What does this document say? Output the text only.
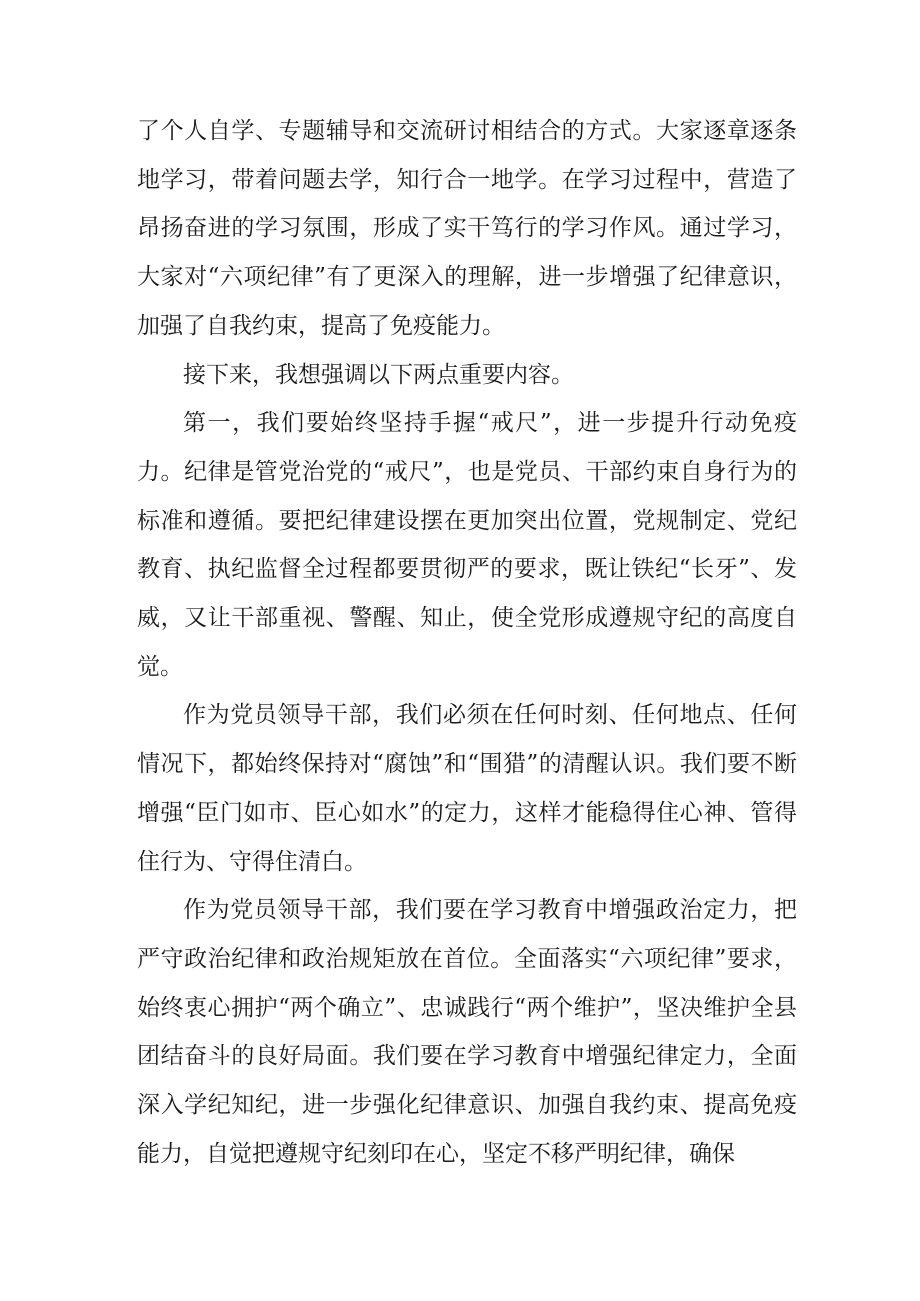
了个人自学、专题辅导和交流研讨相结合的方式。大家逐章逐条地学习，带着问题去学，知行合一地学。在学习过程中，营造了昂扬奋进的学习氛围，形成了实干笃行的学习作风。通过学习，大家对“六项纪律”有了更深入的理解，进一步增强了纪律意识，加强了自我约束，提高了免疫能力。

接下来，我想强调以下两点重要内容。

第一，我们要始终坚持手握“戒尺”，进一步提升行动免疫力。纪律是管党治党的“戒尺”，也是党员、干部约束自身行为的标准和遵循。要把纪律建设摆在更加突出位置，党规制定、党纪教育、执纪监督全过程都要贯彻严的要求，既让铁纪“长牙”、发威，又让干部重视、警醒、知止，使全党形成遵规守纪的高度自觉。

作为党员领导干部，我们必须在任何时刻、任何地点、任何情况下，都始终保持对“腐蚀”和“围猎”的清醒认识。我们要不断增强“臣门如市、臣心如水”的定力，这样才能稳得住心神、管得住行为、守得住清白。

作为党员领导干部，我们要在学习教育中增强政治定力，把严守政治纪律和政治规矩放在首位。全面落实“六项纪律”要求，始终衷心拥护“两个确立”、忠诚践行“两个维护”，坚决维护全县团结奋斗的良好局面。我们要在学习教育中增强纪律定力，全面深入学纪知纪，进一步强化纪律意识、加强自我约束、提高免疫能力，自觉把遵规守纪刻印在心，坚定不移严明纪律，确保
